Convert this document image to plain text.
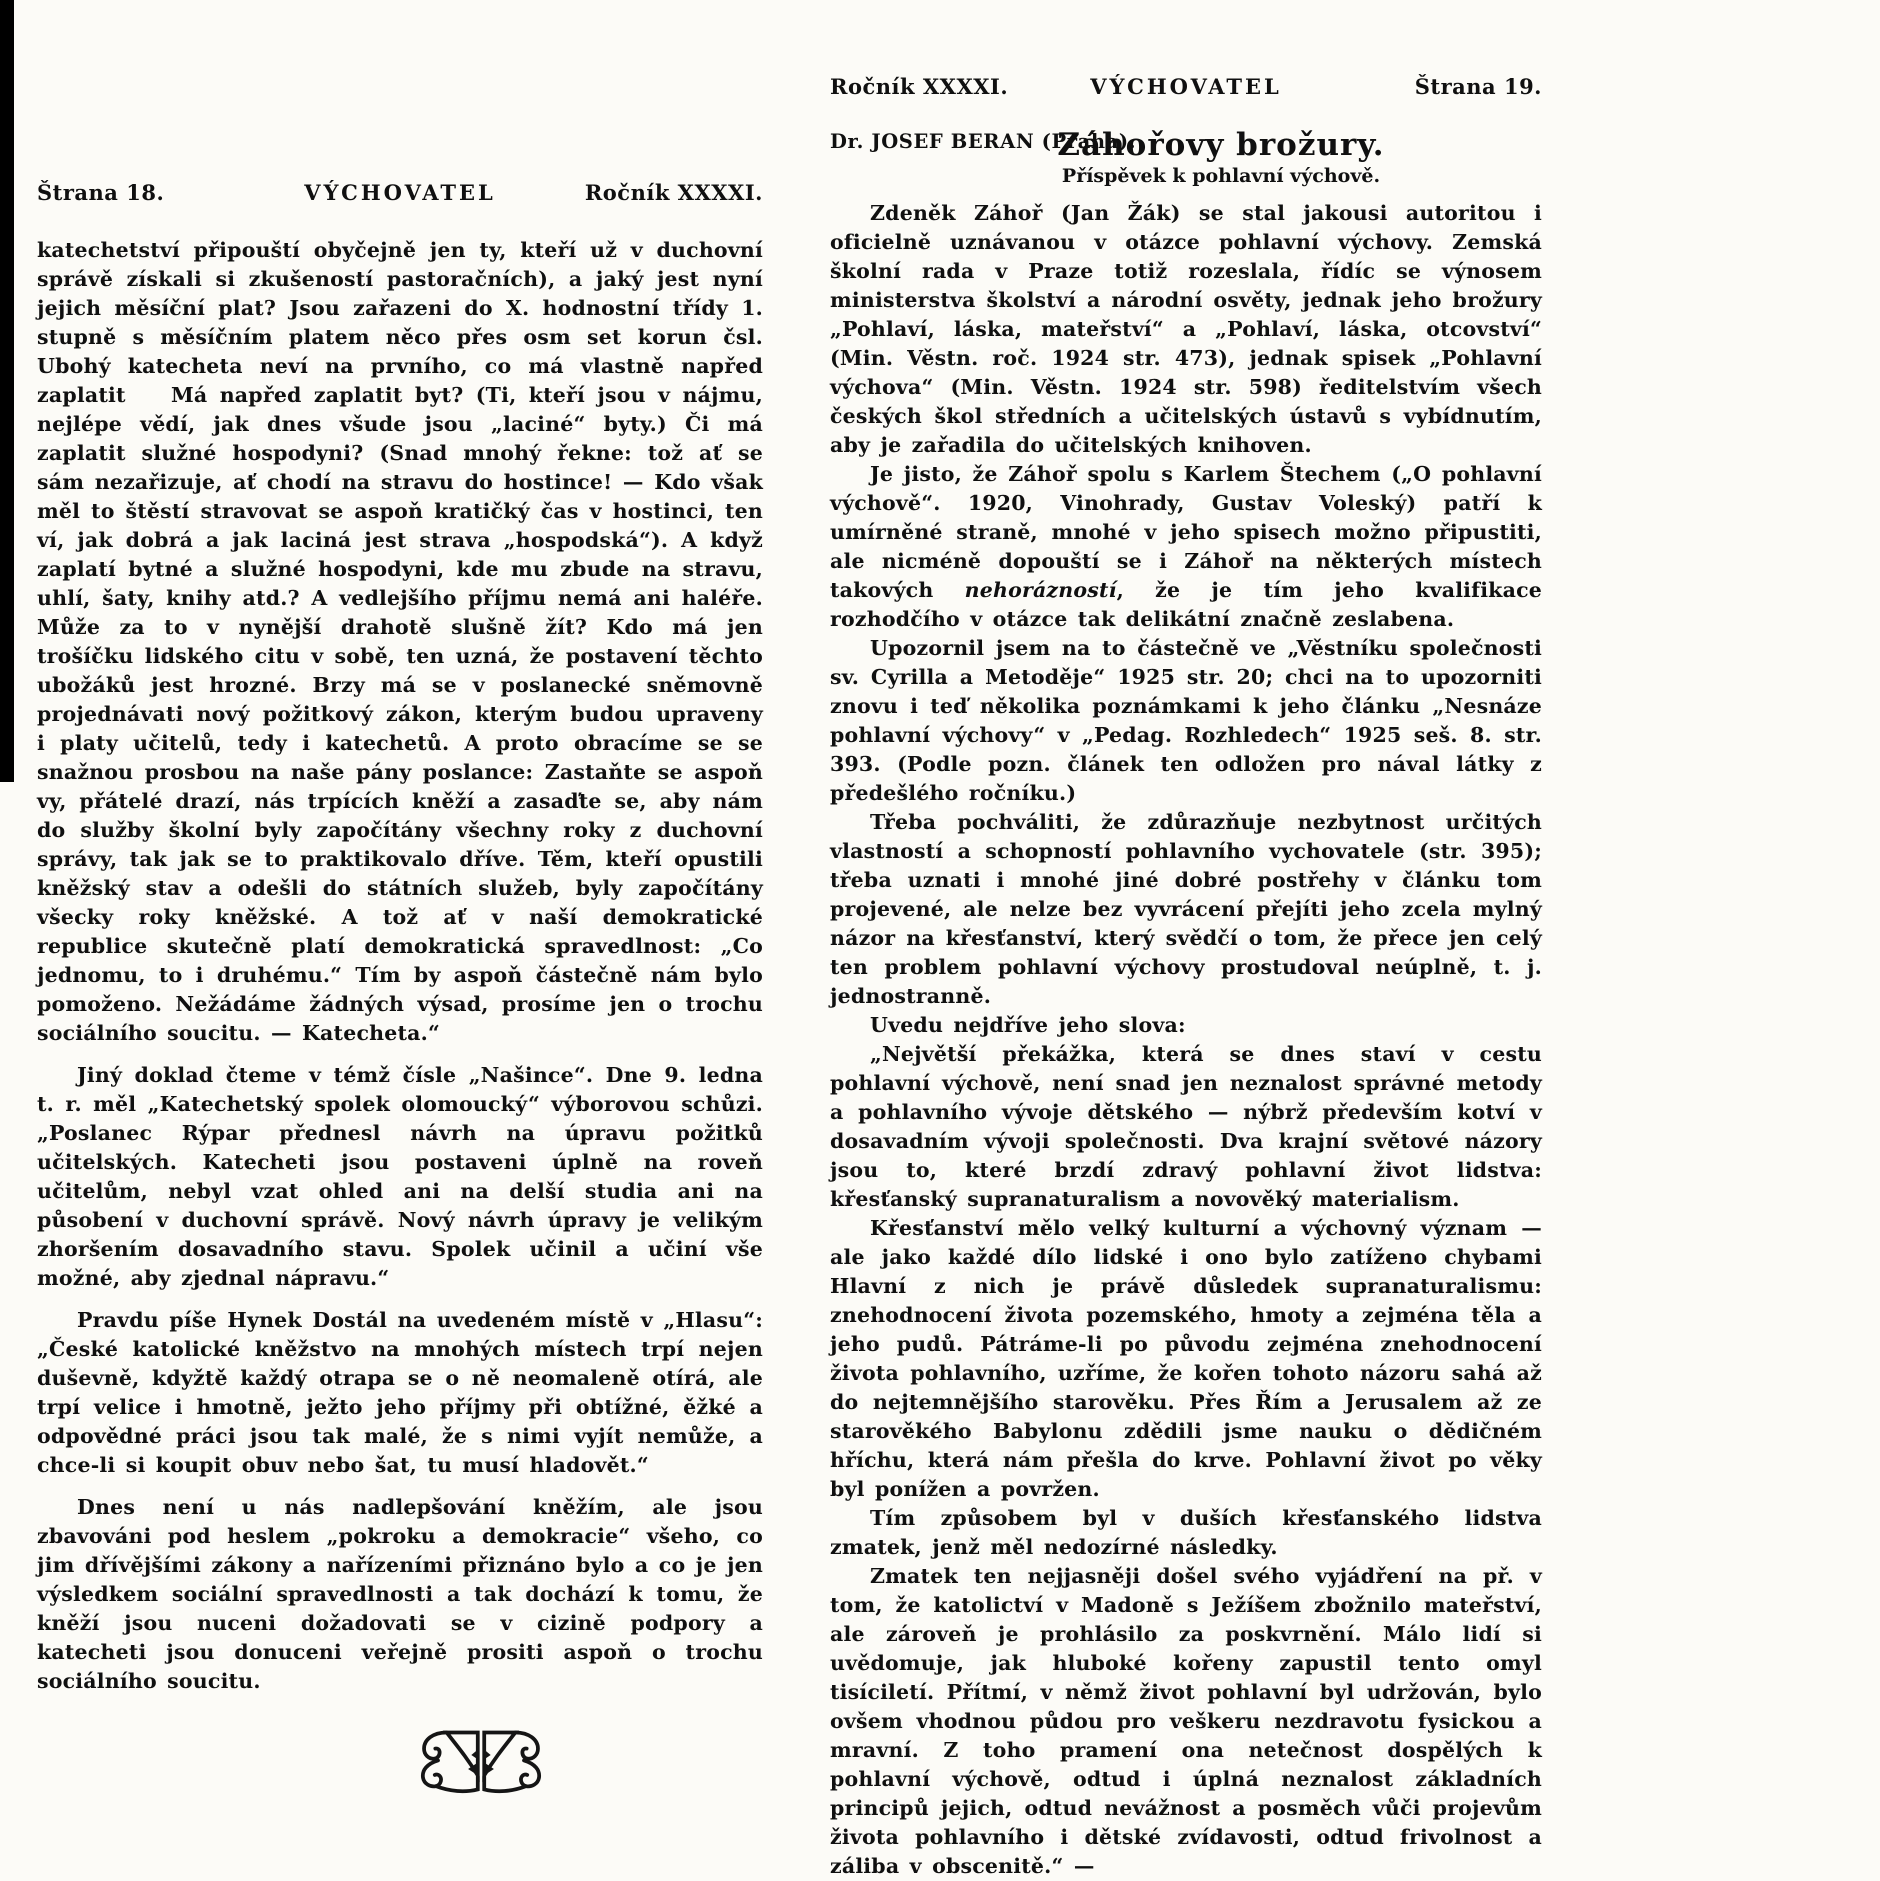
Štrana 18.	VÝCHOVATEL	Ročník XXXXI.

katechetství připouští obyčejně jen ty, kteří už v duchovní správě získali si zkušeností pastoračních), a jaký jest nyní jejich měsíční plat? Jsou zařazeni do X. hodnostní třídy 1. stupně s měsíčním platem něco přes osm set korun čsl. Ubohý katecheta neví na prvního, co má vlastně napřed zaplatit   Má napřed zaplatit byt? (Ti, kteří jsou v nájmu, nejlépe vědí, jak dnes všude jsou „laciné“ byty.) Či má zaplatit služné hospodyni? (Snad mnohý řekne: tož ať se sám nezařizuje, ať chodí na stravu do hostince! — Kdo však měl to štěstí stravovat se aspoň kratičký čas v hostinci, ten ví, jak dobrá a jak laciná jest strava „hospodská“). A když zaplatí bytné a služné hospodyni, kde mu zbude na stravu, uhlí, šaty, knihy atd.? A vedlejšího příjmu nemá ani haléře. Může za to v nynější drahotě slušně žít? Kdo má jen trošíčku lidského citu v sobě, ten uzná, že postavení těchto ubožáků jest hrozné. Brzy má se v poslanecké sněmovně projednávati nový požitkový zákon, kterým budou upraveny i platy učitelů, tedy i katechetů. A proto obracíme se se snažnou prosbou na naše pány poslance: Zastaňte se aspoň vy, přátelé drazí, nás trpících kněží a zasaďte se, aby nám do služby školní byly započítány všechny roky z duchovní správy, tak jak se to praktikovalo dříve. Těm, kteří opustili kněžský stav a odešli do státních služeb, byly započítány všecky roky kněžské. A tož ať v naší demokratické republice skutečně platí demokratická spravedlnost: „Co jednomu, to i druhému.“ Tím by aspoň částečně nám bylo pomoženo. Nežádáme žádných výsad, prosíme jen o trochu sociálního soucitu. — Katecheta.“

Jiný doklad čteme v témž čísle „Našince“. Dne 9. ledna t. r. měl „Katechetský spolek olomoucký“ výborovou schůzi. „Poslanec Rýpar přednesl návrh na úpravu požitků učitelských. Katecheti jsou postaveni úplně na roveň učitelům, nebyl vzat ohled ani na delší studia ani na působení v duchovní správě. Nový návrh úpravy je velikým zhoršením dosavadního stavu. Spolek učinil a učiní vše možné, aby zjednal nápravu.“

Pravdu píše Hynek Dostál na uvedeném místě v „Hlasu“: „České katolické kněžstvo na mnohých místech trpí nejen duševně, kdyžtě každý otrapa se o ně neomaleně otírá, ale trpí velice i hmotně, ježto jeho příjmy při obtížné, ěžké a odpovědné práci jsou tak malé, že s nimi vyjít nemůže, a chce-li si koupit obuv nebo šat, tu musí hladovět.“

Dnes není u nás nadlepšování kněžím, ale jsou zbavováni pod heslem „pokroku a demokracie“ všeho, co jim dřívějšími zákony a nařízeními přiznáno bylo a co je jen výsledkem sociální spravedlnosti a tak dochází k tomu, že kněží jsou nuceni dožadovati se v cizině podpory a katecheti jsou donuceni veřejně prositi aspoň o trochu sociálního soucitu.

Ročník XXXXI.	VÝCHOVATEL	Štrana 19.
Dr. JOSEF BERAN (Praha).
Záhořovy brožury.
Příspěvek k pohlavní výchově.

Zdeněk Záhoř (Jan Žák) se stal jakousi autoritou i oficielně uznávanou v otázce pohlavní výchovy. Zemská školní rada v Praze totiž rozeslala, řídíc se výnosem ministerstva školství a národní osvěty, jednak jeho brožury „Pohlaví, láska, mateřství“ a „Pohlaví, láska, otcovství“ (Min. Věstn. roč. 1924 str. 473), jednak spisek „Pohlavní výchova“ (Min. Věstn. 1924 str. 598) ředitelstvím všech českých škol středních a učitelských ústavů s vybídnutím, aby je zařadila do učitelských knihoven.

Je jisto, že Záhoř spolu s Karlem Štechem („O pohlavní výchově“. 1920, Vinohrady, Gustav Voleský) patří k umírněné straně, mnohé v jeho spisech možno připustiti, ale nicméně dopouští se i Záhoř na některých místech takových nehorázností, že je tím jeho kvalifikace rozhodčího v otázce tak delikátní značně zeslabena.

Upozornil jsem na to částečně ve „Věstníku společnosti sv. Cyrilla a Metoděje“ 1925 str. 20; chci na to upozorniti znovu i teď několika poznámkami k jeho článku „Nesnáze pohlavní výchovy“ v „Pedag. Rozhledech“ 1925 seš. 8. str. 393. (Podle pozn. článek ten odložen pro nával látky z předešlého ročníku.)

Třeba pochváliti, že zdůrazňuje nezbytnost určitých vlastností a schopností pohlavního vychovatele (str. 395); třeba uznati i mnohé jiné dobré postřehy v článku tom projevené, ale nelze bez vyvrácení přejíti jeho zcela mylný názor na křesťanství, který svědčí o tom, že přece jen celý ten problem pohlavní výchovy prostudoval neúplně, t. j. jednostranně.

Uvedu nejdříve jeho slova:

„Největší překážka, která se dnes staví v cestu pohlavní výchově, není snad jen neznalost správné metody a pohlavního vývoje dětského — nýbrž především kotví v dosavadním vývoji společnosti. Dva krajní světové názory jsou to, které brzdí zdravý pohlavní život lidstva: křesťanský supranaturalism a novověký materialism.

Křesťanství mělo velký kulturní a výchovný význam — ale jako každé dílo lidské i ono bylo zatíženo chybami Hlavní z nich je právě důsledek supranaturalismu: znehodnocení života pozemského, hmoty a zejména těla a jeho pudů. Pátráme-li po původu zejména znehodnocení života pohlavního, uzříme, že kořen tohoto názoru sahá až do nejtemnějšího starověku. Přes Řím a Jerusalem až ze starověkého Babylonu zdědili jsme nauku o dědičném hříchu, která nám přešla do krve. Pohlavní život po věky byl ponížen a povržen.

Tím způsobem byl v duších křesťanského lidstva zmatek, jenž měl nedozírné následky.

Zmatek ten nejjasněji došel svého vyjádření na př. v tom, že katolictví v Madoně s Ježíšem zbožnilo mateřství, ale zároveň je prohlásilo za poskvrnění. Málo lidí si uvědomuje, jak hluboké kořeny zapustil tento omyl tisíciletí. Přítmí, v němž život pohlavní byl udržován, bylo ovšem vhodnou půdou pro veškeru nezdravotu fysickou a mravní. Z toho pramení ona netečnost dospělých k pohlavní výchově, odtud i úplná neznalost základních principů jejich, odtud nevážnost a posměch vůči projevům života pohlavního i dětské zvídavosti, odtud frivolnost a záliba v obscenitě.“ —
